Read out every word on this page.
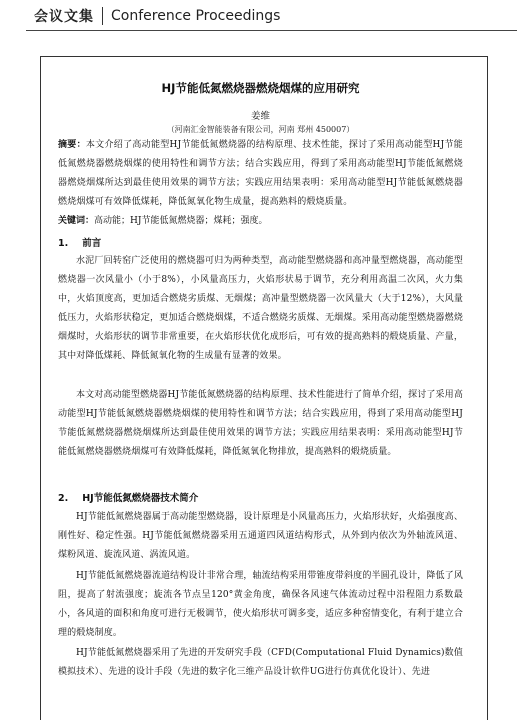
会议文集 Conference Proceedings
HJ节能低氮燃烧器燃烧烟煤的应用研究
姜维
（河南汇金智能装备有限公司，河南 郑州 450007）
摘要：本文介绍了高动能型HJ节能低氮燃烧器的结构原理、技术性能，探讨了采用高动能型HJ节能低氮燃烧器燃烧烟煤的使用特性和调节方法；结合实践应用，得到了采用高动能型HJ节能低氮燃烧器燃烧烟煤所达到最佳使用效果的调节方法；实践应用结果表明：采用高动能型HJ节能低氮燃烧器燃烧烟煤可有效降低煤耗，降低氮氧化物生成量，提高熟料的煅烧质量。
关键词：高动能；HJ节能低氮燃烧器；煤耗；强度。
1. 前言
水泥厂回转窑广泛使用的燃烧器可归为两种类型，高动能型燃烧器和高冲量型燃烧器，高动能型燃烧器一次风量小（小于8%），小风量高压力，火焰形状易于调节，充分利用高温二次风，火力集中，火焰顶度高，更加适合燃烧劣质煤、无烟煤；高冲量型燃烧器一次风量大（大于12%），大风量低压力，火焰形状稳定，更加适合燃烧烟煤，不适合燃烧劣质煤、无烟煤。采用高动能型燃烧器燃烧烟煤时，火焰形状的调节非常重要，在火焰形状优化成形后，可有效的提高熟料的煅烧质量、产量，其中对降低煤耗、降低氮氧化物的生成量有显著的效果。
本文对高动能型燃烧器HJ节能低氮燃烧器的结构原理、技术性能进行了简单介绍，探讨了采用高动能型HJ节能低氮燃烧器燃烧烟煤的使用特性和调节方法；结合实践应用，得到了采用高动能型HJ节能低氮燃烧器燃烧烟煤所达到最佳使用效果的调节方法；实践应用结果表明：采用高动能型HJ节能低氮燃烧器燃烧烟煤可有效降低煤耗，降低氮氧化物排放，提高熟料的煅烧质量。
2. HJ节能低氮燃烧器技术简介
HJ节能低氮燃烧器属于高动能型燃烧器，设计原理是小风量高压力，火焰形状好，火焰强度高、刚性好、稳定性强。HJ节能低氮燃烧器采用五通道四风道结构形式，从外到内依次为外轴流风道、煤粉风道、旋流风道、涡流风道。
HJ节能低氮燃烧器流道结构设计非常合理，轴流结构采用带锥度带斜度的半圆孔设计，降低了风阻，提高了射流强度；旋流各节点呈120°黄金角度，确保各风速气体流动过程中沿程阻力系数最小，各风道的面积和角度可进行无极调节，使火焰形状可调多变，适应多种窑情变化，有利于建立合理的煅烧制度。
HJ节能低氮燃烧器采用了先进的开发研究手段（CFD(Computational Fluid Dynamics)数值模拟技术）、先进的设计手段（先进的数字化三维产品设计软件UG进行仿真优化设计）、先进
